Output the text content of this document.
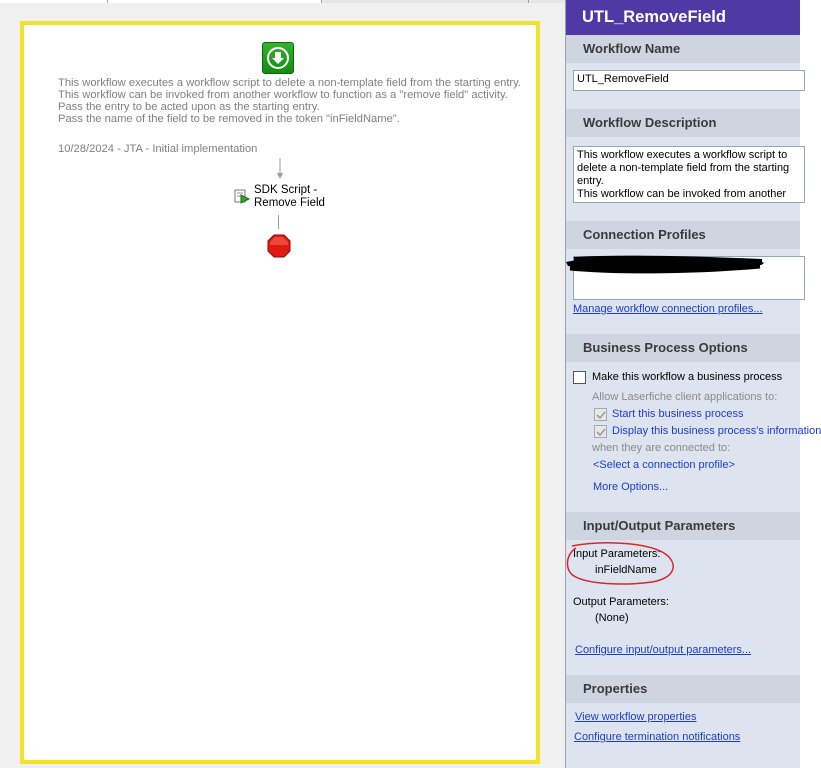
This workflow executes a workflow script to delete a non-template field from the starting entry.
This workflow can be invoked from another workflow to function as a "remove field" activity.
Pass the entry to be acted upon as the starting entry.
Pass the name of the field to be removed in the token "inFieldName".
10/28/2024 - JTA - Initial implementation
SDK Script -
Remove Field
UTL_RemoveField
Workflow Name
UTL_RemoveField
Workflow Description
This workflow executes a workflow script to delete a non-template field from the starting entry.
This workflow can be invoked from another
Connection Profiles
Manage workflow connection profiles...
Business Process Options
Make this workflow a business process
Allow Laserfiche client applications to:
Start this business process
Display this business process's information
when they are connected to:
<Select a connection profile>
More Options...
Input/Output Parameters
Input Parameters:
inFieldName
Output Parameters:
(None)
Configure input/output parameters...
Properties
View workflow properties
Configure termination notifications
